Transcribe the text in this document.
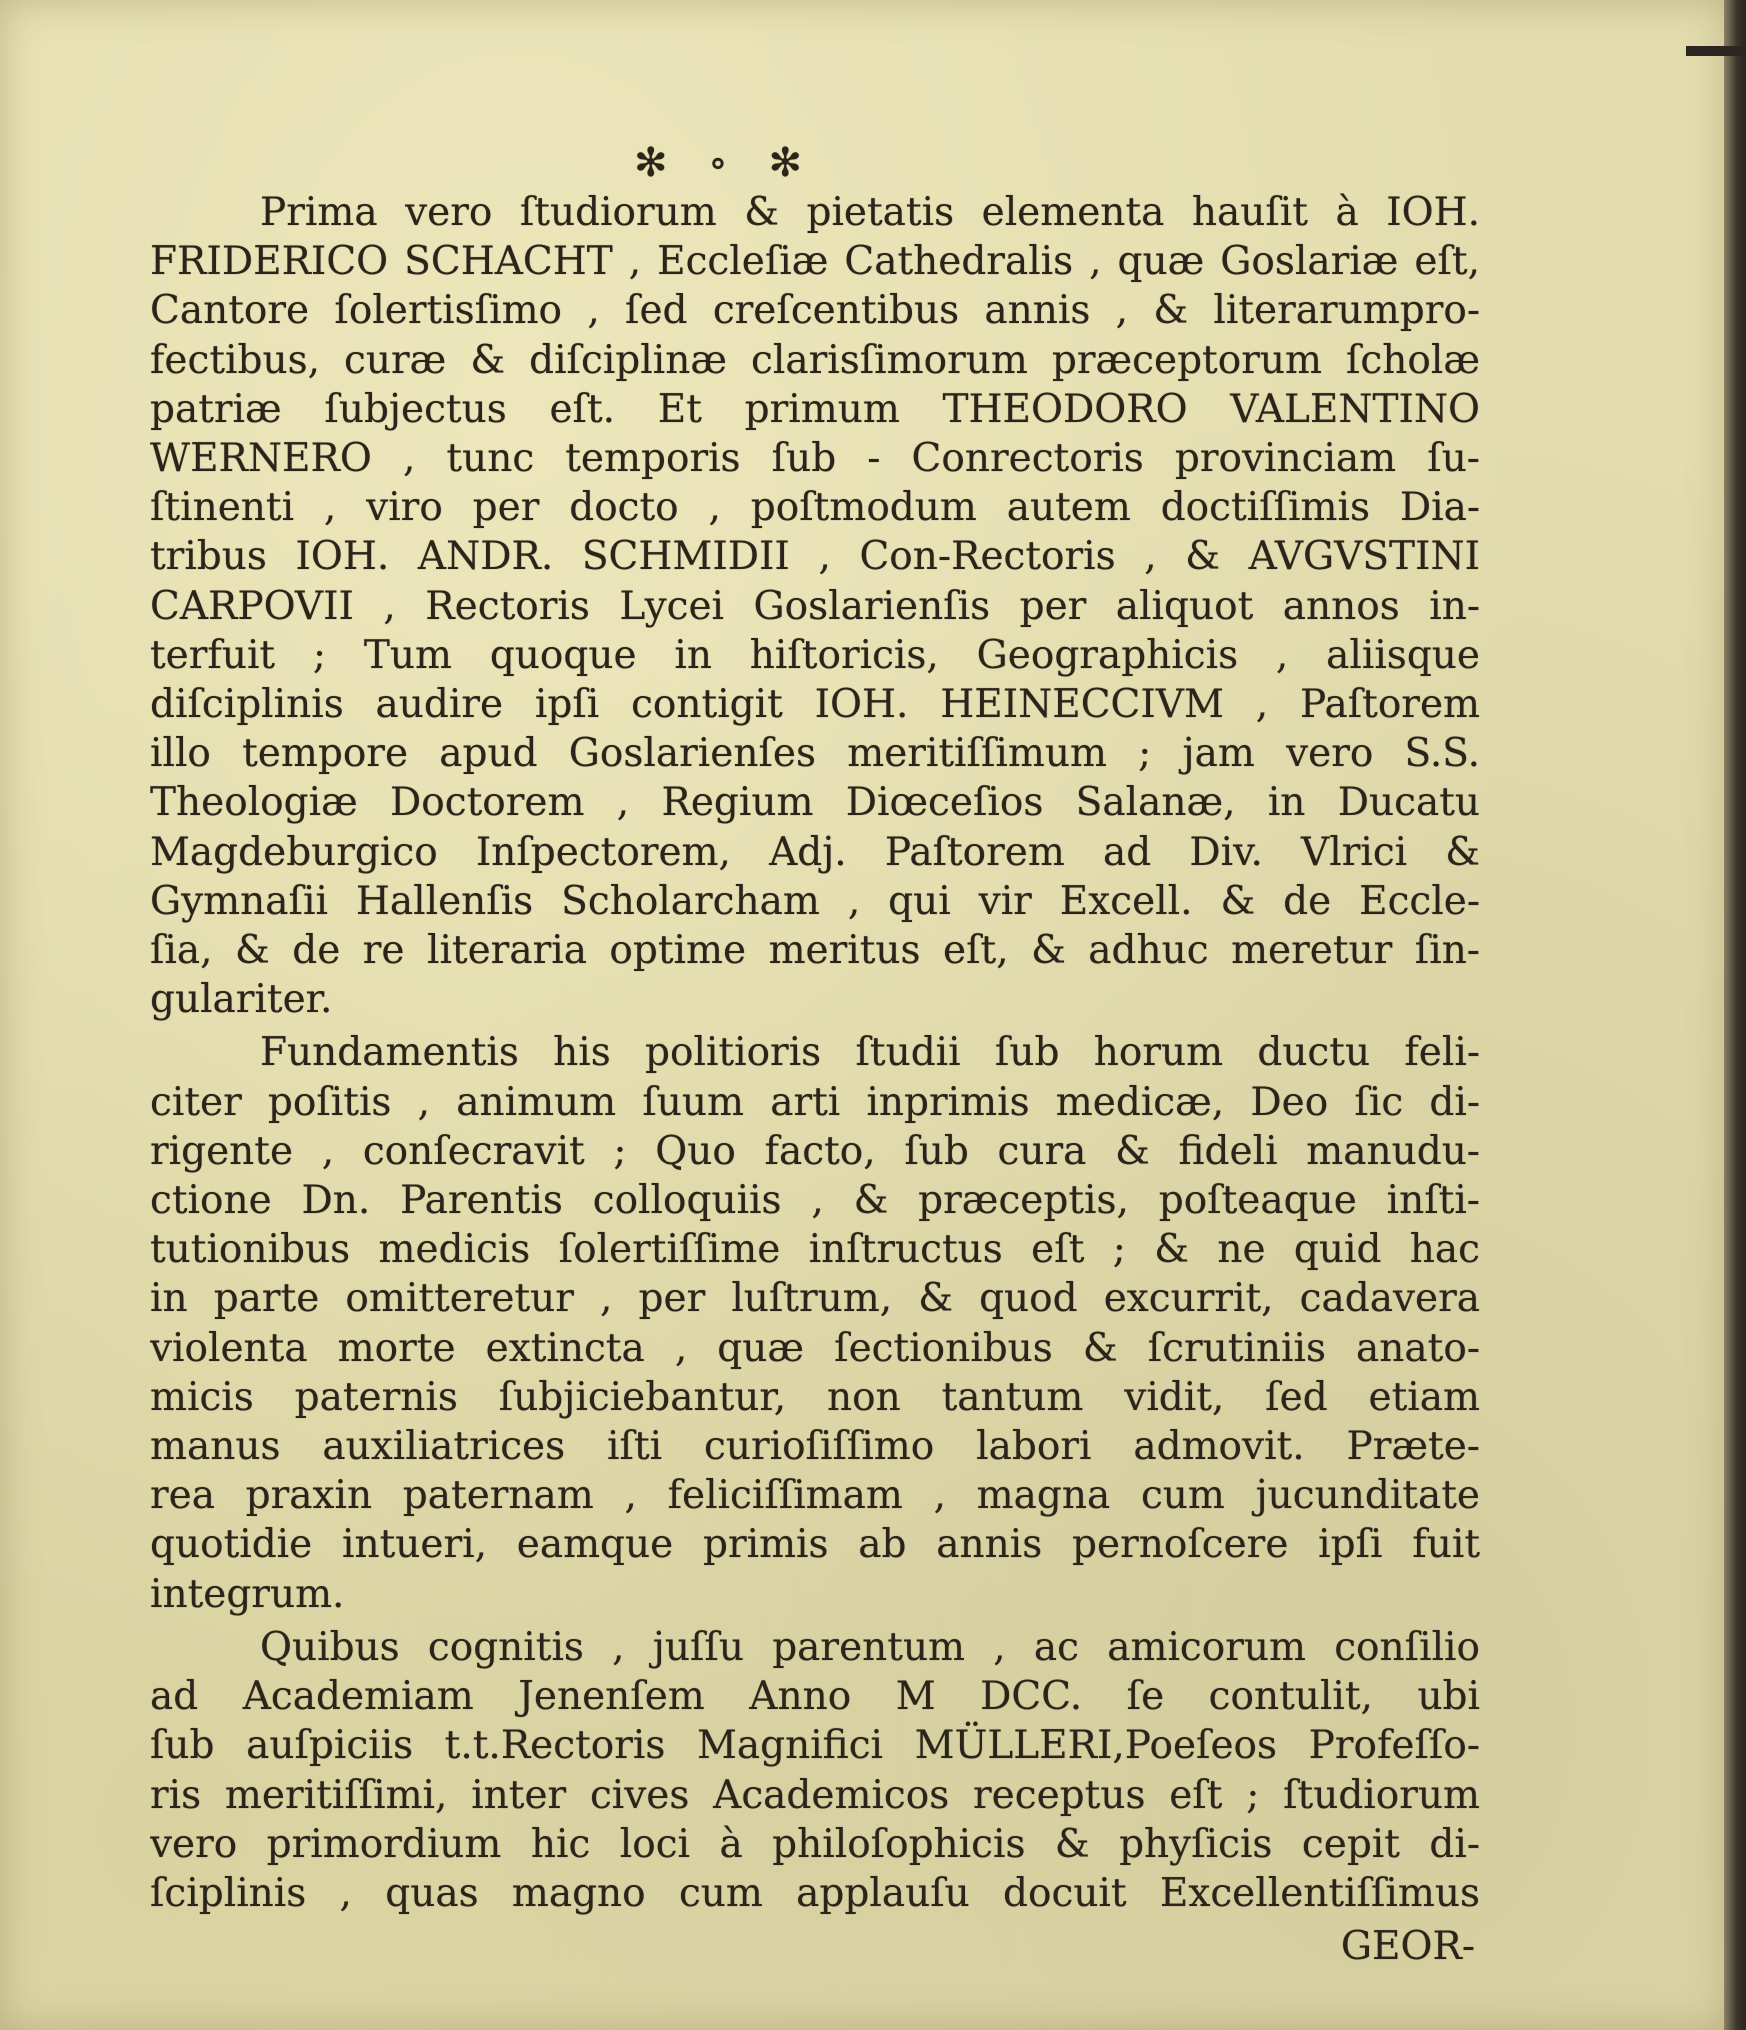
✻ ∘ ✻
Prima vero ſtudiorum & pietatis elementa hauſit à IOH.
FRIDERICO SCHACHT , Eccleſiæ Cathedralis , quæ Goslariæ eſt,
Cantore ſolertisſimo , ſed creſcentibus annis , & literarumpro-
fectibus, curæ & diſciplinæ clarisſimorum præceptorum ſcholæ
patriæ ſubjectus eſt. Et primum THEODORO VALENTINO
WERNERO , tunc temporis ſub - Conrectoris provinciam ſu-
ſtinenti , viro per docto , poſtmodum autem doctiſſimis Dia-
tribus IOH. ANDR. SCHMIDII , Con-Rectoris , & AVGVSTINI
CARPOVII , Rectoris Lycei Goslarienſis per aliquot annos in-
terfuit ; Tum quoque in hiſtoricis, Geographicis , aliisque
diſciplinis audire ipſi contigit IOH. HEINECCIVM , Paſtorem
illo tempore apud Goslarienſes meritiſſimum ; jam vero S.S.
Theologiæ Doctorem , Regium Diœceſios Salanæ, in Ducatu
Magdeburgico Inſpectorem, Adj. Paſtorem ad Div. Vlrici &
Gymnaſii Hallenſis Scholarcham , qui vir Excell. & de Eccle-
ſia, & de re literaria optime meritus eſt, & adhuc meretur ſin-
gulariter.
Fundamentis his politioris ſtudii ſub horum ductu feli-
citer poſitis , animum ſuum arti inprimis medicæ, Deo ſic di-
rigente , conſecravit ; Quo facto, ſub cura & fideli manudu-
ctione Dn. Parentis colloquiis , & præceptis, poſteaque inſti-
tutionibus medicis ſolertiſſime inſtructus eſt ; & ne quid hac
in parte omitteretur , per luſtrum, & quod excurrit, cadavera
violenta morte extincta , quæ ſectionibus & ſcrutiniis anato-
micis paternis ſubjiciebantur, non tantum vidit, ſed etiam
manus auxiliatrices iſti curioſiſſimo labori admovit. Præte-
rea praxin paternam , feliciſſimam , magna cum jucunditate
quotidie intueri, eamque primis ab annis pernoſcere ipſi fuit
integrum.
Quibus cognitis , juſſu parentum , ac amicorum conſilio
ad Academiam Jenenſem Anno M DCC. ſe contulit, ubi
ſub auſpiciis t.t.Rectoris Magnifici MÜLLERI,Poeſeos Profeſſo-
ris meritiſſimi, inter cives Academicos receptus eſt ; ſtudiorum
vero primordium hic loci à philoſophicis & phyſicis cepit di-
ſciplinis , quas magno cum applauſu docuit Excellentiſſimus
GEOR-
